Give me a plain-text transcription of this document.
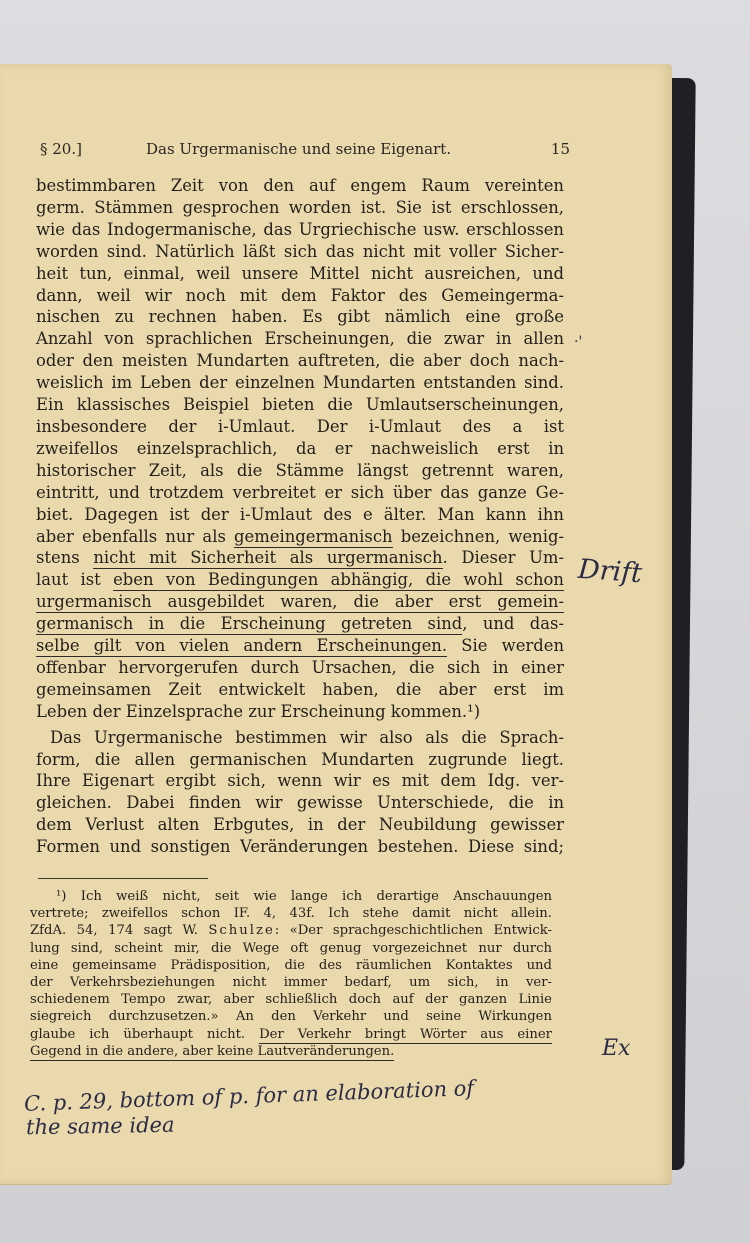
§ 20.]	Das Urgermanische und seine Eigenart.	15
bestimmbaren Zeit von den auf engem Raum vereinten
germ. Stämmen gesprochen worden ist. Sie ist erschlossen,
wie das Indogermanische, das Urgriechische usw. erschlossen
worden sind. Natürlich läßt sich das nicht mit voller Sicher-
heit tun, einmal, weil unsere Mittel nicht ausreichen, und
dann, weil wir noch mit dem Faktor des Gemeingerma-
nischen zu rechnen haben. Es gibt nämlich eine große
Anzahl von sprachlichen Erscheinungen, die zwar in allen
oder den meisten Mundarten auftreten, die aber doch nach-
weislich im Leben der einzelnen Mundarten entstanden sind.
Ein klassisches Beispiel bieten die Umlautserscheinungen,
insbesondere der i-Umlaut. Der i-Umlaut des a ist
zweifellos einzelsprachlich, da er nachweislich erst in
historischer Zeit, als die Stämme längst getrennt waren,
eintritt, und trotzdem verbreitet er sich über das ganze Ge-
biet. Dagegen ist der i-Umlaut des e älter. Man kann ihn
aber ebenfalls nur als gemeingermanisch bezeichnen, wenig-
stens nicht mit Sicherheit als urgermanisch. Dieser Um-
laut ist eben von Bedingungen abhängig, die wohl schon
urgermanisch ausgebildet waren, die aber erst gemein-
germanisch in die Erscheinung getreten sind, und das-
selbe gilt von vielen andern Erscheinungen. Sie werden
offenbar hervorgerufen durch Ursachen, die sich in einer
gemeinsamen Zeit entwickelt haben, die aber erst im
Leben der Einzelsprache zur Erscheinung kommen.¹)
Das Urgermanische bestimmen wir also als die Sprach-
form, die allen germanischen Mundarten zugrunde liegt.
Ihre Eigenart ergibt sich, wenn wir es mit dem Idg. ver-
gleichen. Dabei finden wir gewisse Unterschiede, die in
dem Verlust alten Erbgutes, in der Neubildung gewisser
Formen und sonstigen Veränderungen bestehen. Diese sind;
¹) Ich weiß nicht, seit wie lange ich derartige Anschauungen
vertrete; zweifellos schon IF. 4, 43f. Ich stehe damit nicht allein.
ZfdA. 54, 174 sagt W. Schulze: «Der sprachgeschichtlichen Entwick-
lung sind, scheint mir, die Wege oft genug vorgezeichnet nur durch
eine gemeinsame Prädisposition, die des räumlichen Kontaktes und
der Verkehrsbeziehungen nicht immer bedarf, um sich, in ver-
schiedenem Tempo zwar, aber schließlich doch auf der ganzen Linie
siegreich durchzusetzen.» An den Verkehr und seine Wirkungen
glaube ich überhaupt nicht. Der Verkehr bringt Wörter aus einer
Gegend in die andere, aber keine Lautveränderungen.
·'
Drift
Ex
C. p. 29, bottom of p. for an elaboration of
the same idea
